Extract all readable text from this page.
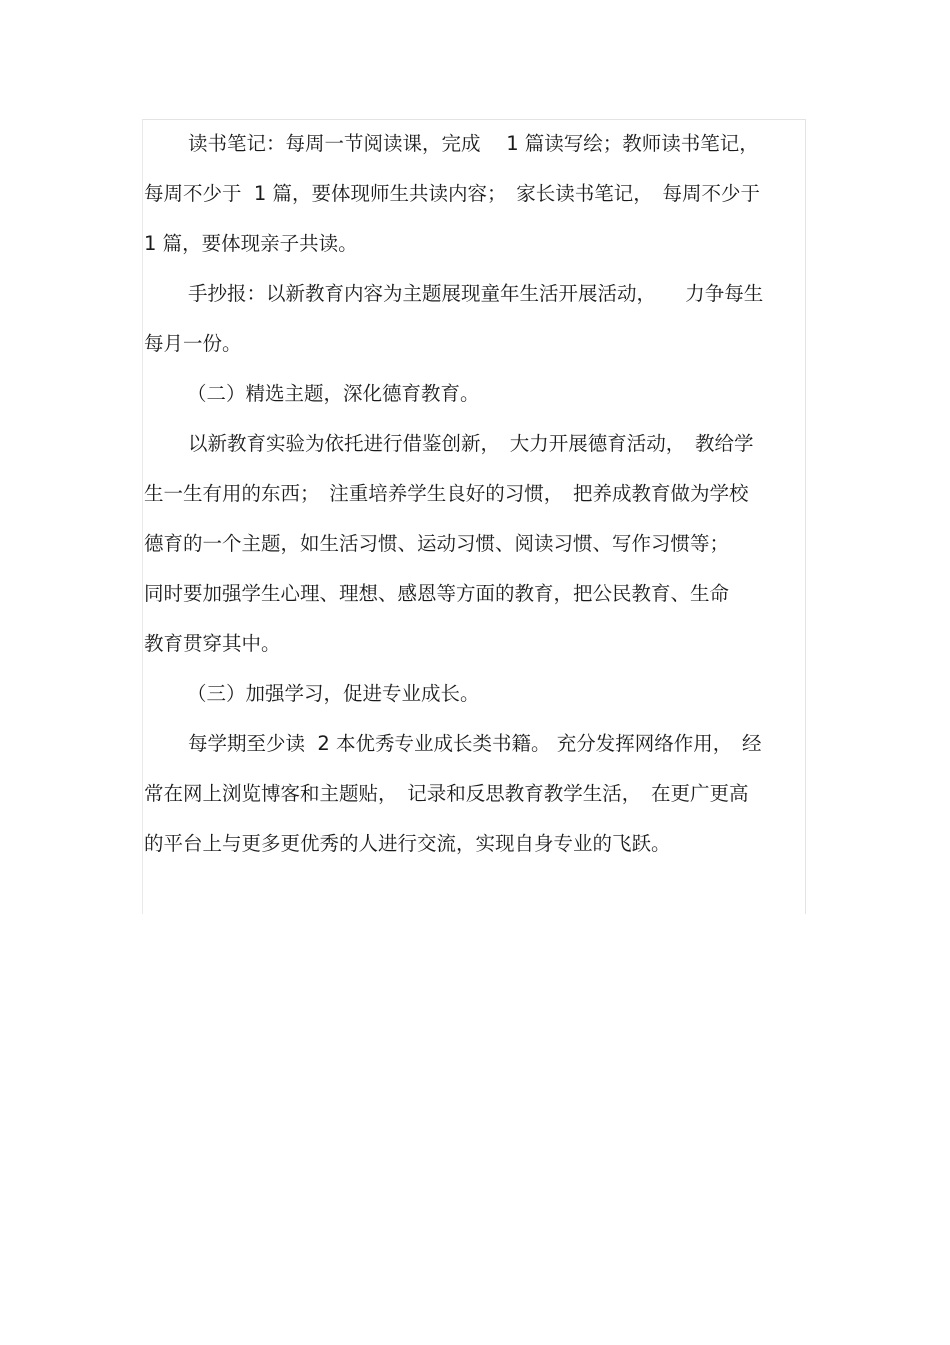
读书笔记：每周一节阅读课，完成 　1 篇读写绘；教师读书笔记，
每周不少于  1 篇，要体现师生共读内容；　家长读书笔记，　每周不少于
1 篇，要体现亲子共读。
手抄报：以新教育内容为主题展现童年生活开展活动，　　力争每生
每月一份。
（二）精选主题，深化德育教育。
以新教育实验为依托进行借鉴创新，　大力开展德育活动，　教给学
生一生有用的东西；　注重培养学生良好的习惯，　把养成教育做为学校
德育的一个主题，如生活习惯、运动习惯、阅读习惯、写作习惯等；
同时要加强学生心理、理想、感恩等方面的教育，把公民教育、生命
教育贯穿其中。
（三）加强学习，促进专业成长。
每学期至少读  2 本优秀专业成长类书籍。 充分发挥网络作用，　经
常在网上浏览博客和主题贴，　记录和反思教育教学生活，　在更广更高
的平台上与更多更优秀的人进行交流，实现自身专业的飞跃。
